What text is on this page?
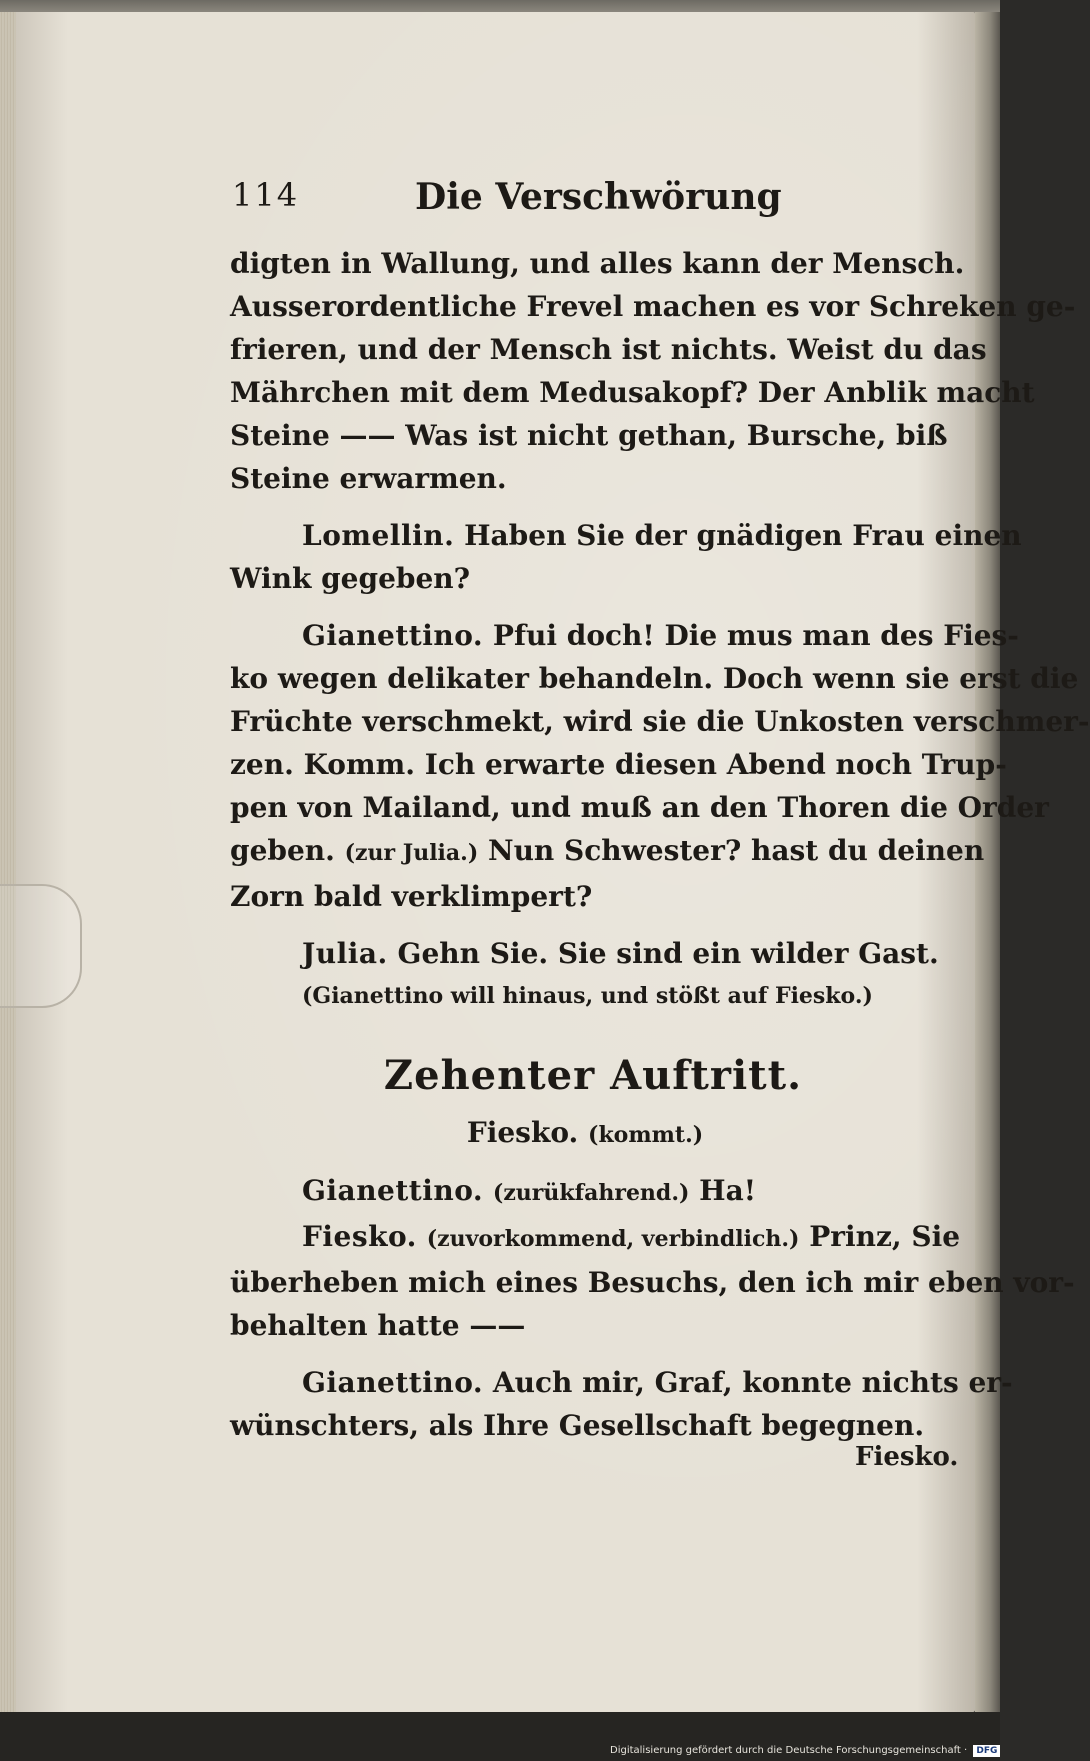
114	Die Verschwörung
digten in Wallung, und alles kann der Mensch.
Ausserordentliche Frevel machen es vor Schreken ge-
frieren, und der Mensch ist nichts. Weist du das
Mährchen mit dem Medusakopf? Der Anblik macht
Steine —— Was ist nicht gethan, Bursche, biß
Steine erwarmen.
Lomellin. Haben Sie der gnädigen Frau einen
Wink gegeben?
Gianettino. Pfui doch! Die mus man des Fies-
ko wegen delikater behandeln. Doch wenn sie erst die
Früchte verschmekt, wird sie die Unkosten verschmer-
zen. Komm. Ich erwarte diesen Abend noch Trup-
pen von Mailand, und muß an den Thoren die Order
geben. (zur Julia.) Nun Schwester? hast du deinen
Zorn bald verklimpert?
Julia. Gehn Sie. Sie sind ein wilder Gast.
(Gianettino will hinaus, und stößt auf Fiesko.)
Zehenter Auftritt.
Fiesko. (kommt.)
Gianettino. (zurükfahrend.) Ha!
Fiesko. (zuvorkommend, verbindlich.) Prinz, Sie
überheben mich eines Besuchs, den ich mir eben vor-
behalten hatte ——
Gianettino. Auch mir, Graf, konnte nichts er-
wünschters, als Ihre Gesellschaft begegnen.
Fiesko.
Digitalisierung gefördert durch die Deutsche Forschungsgemeinschaft · DFG
